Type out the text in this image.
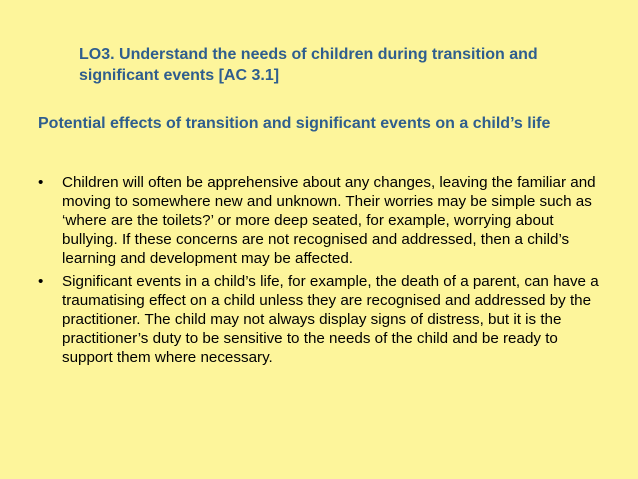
LO3. Understand the needs of children during transition and significant events [AC 3.1]
Potential effects of transition and significant events on a child’s life
•	Children will often be apprehensive about any changes, leaving the familiar and moving to somewhere new and unknown. Their worries may be simple such as ‘where are the toilets?’ or more deep seated, for example, worrying about bullying. If these concerns are not recognised and addressed, then a child’s learning and development may be affected.
•	Significant events in a child’s life, for example, the death of a parent, can have a traumatising effect on a child unless they are recognised and addressed by the practitioner. The child may not always display signs of distress, but it is the practitioner’s duty to be sensitive to the needs of the child and be ready to support them where necessary.
